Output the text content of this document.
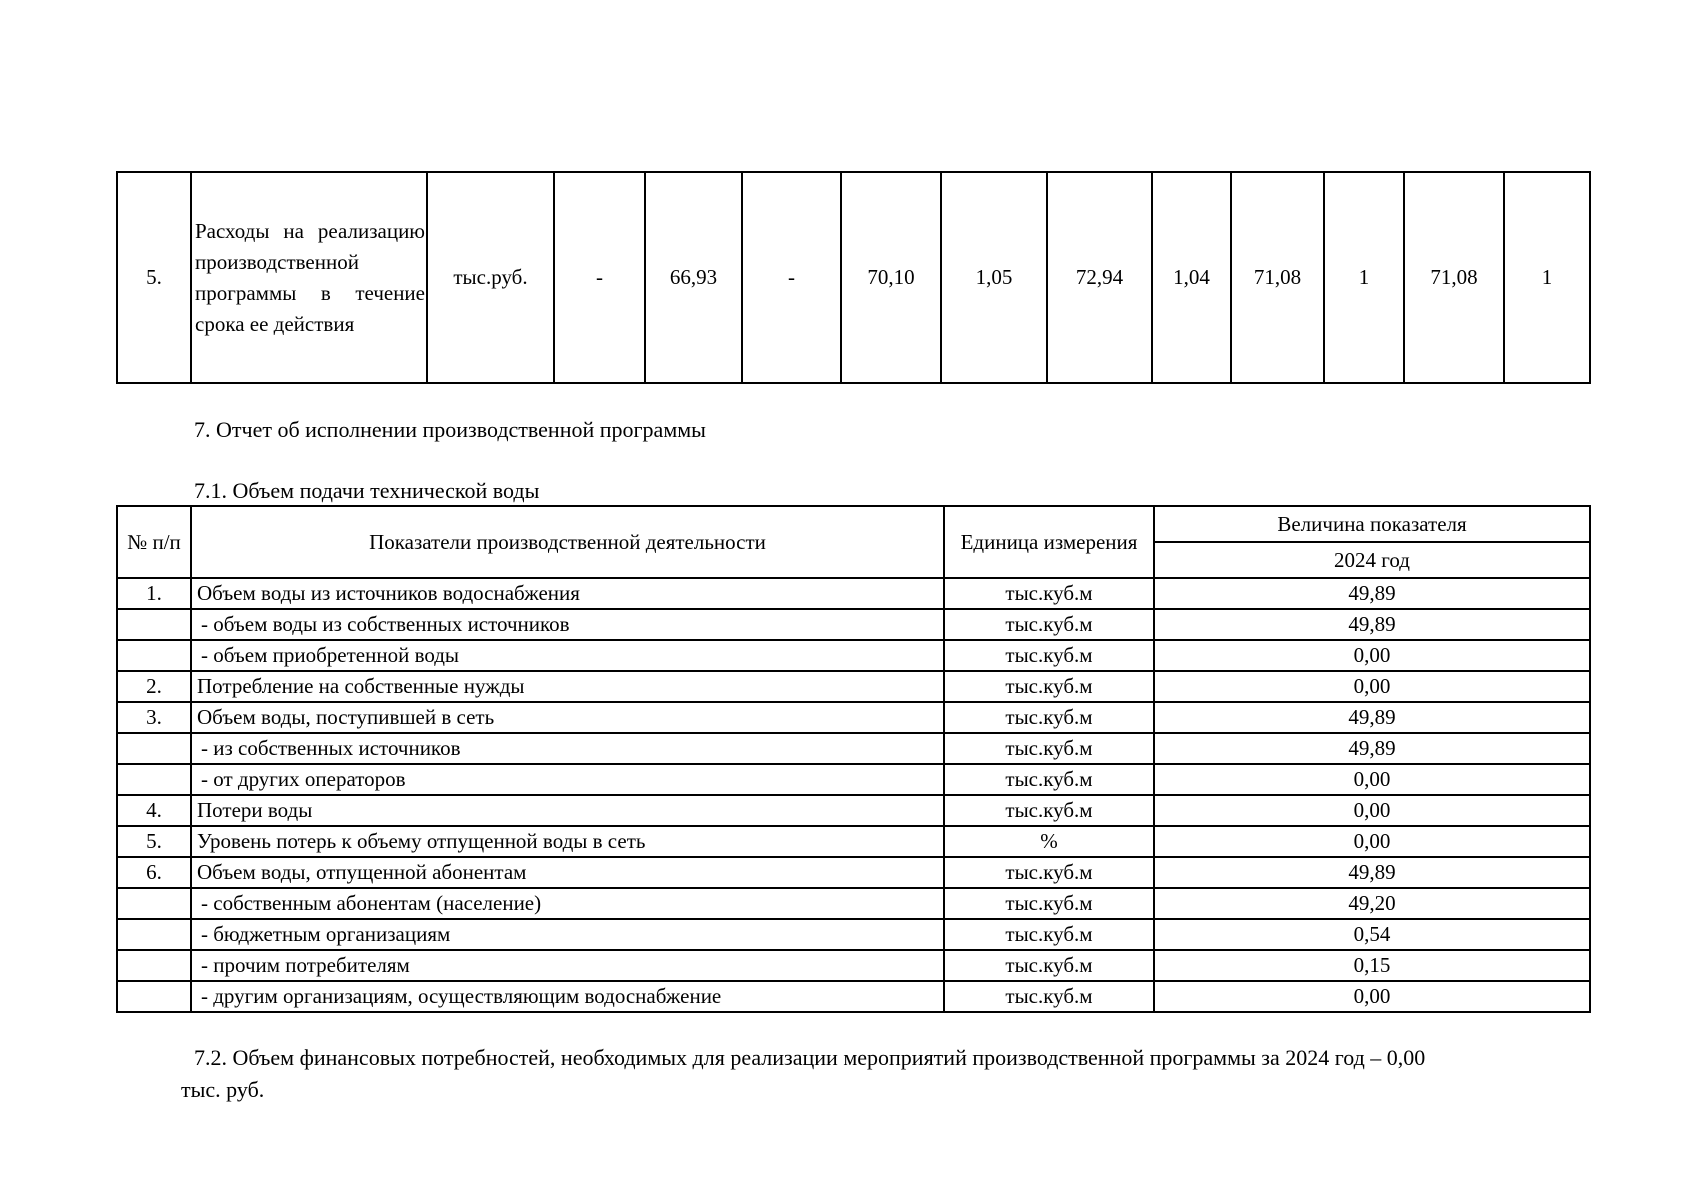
5.	Расходы на реализацию производственной программы в течение срока ее действия	тыс.руб.	-	66,93	-	70,10	1,05	72,94	1,04	71,08	1	71,08	1
7. Отчет об исполнении производственной программы
7.1. Объем подачи технической воды
№ п/п	Показатели производственной деятельности	Единица измерения	Величина показателя
			2024 год
1.	Объем воды из источников водоснабжения	тыс.куб.м	49,89
	- объем воды из собственных источников	тыс.куб.м	49,89
	- объем приобретенной воды	тыс.куб.м	0,00
2.	Потребление на собственные нужды	тыс.куб.м	0,00
3.	Объем воды, поступившей в сеть	тыс.куб.м	49,89
	- из собственных источников	тыс.куб.м	49,89
	- от других операторов	тыс.куб.м	0,00
4.	Потери воды	тыс.куб.м	0,00
5.	Уровень потерь к объему отпущенной воды в сеть	%	0,00
6.	Объем воды, отпущенной абонентам	тыс.куб.м	49,89
	- собственным абонентам (население)	тыс.куб.м	49,20
	- бюджетным организациям	тыс.куб.м	0,54
	- прочим потребителям	тыс.куб.м	0,15
	- другим организациям, осуществляющим водоснабжение	тыс.куб.м	0,00
7.2. Объем финансовых потребностей, необходимых для реализации мероприятий производственной программы за 2024 год – 0,00
тыс. руб.
